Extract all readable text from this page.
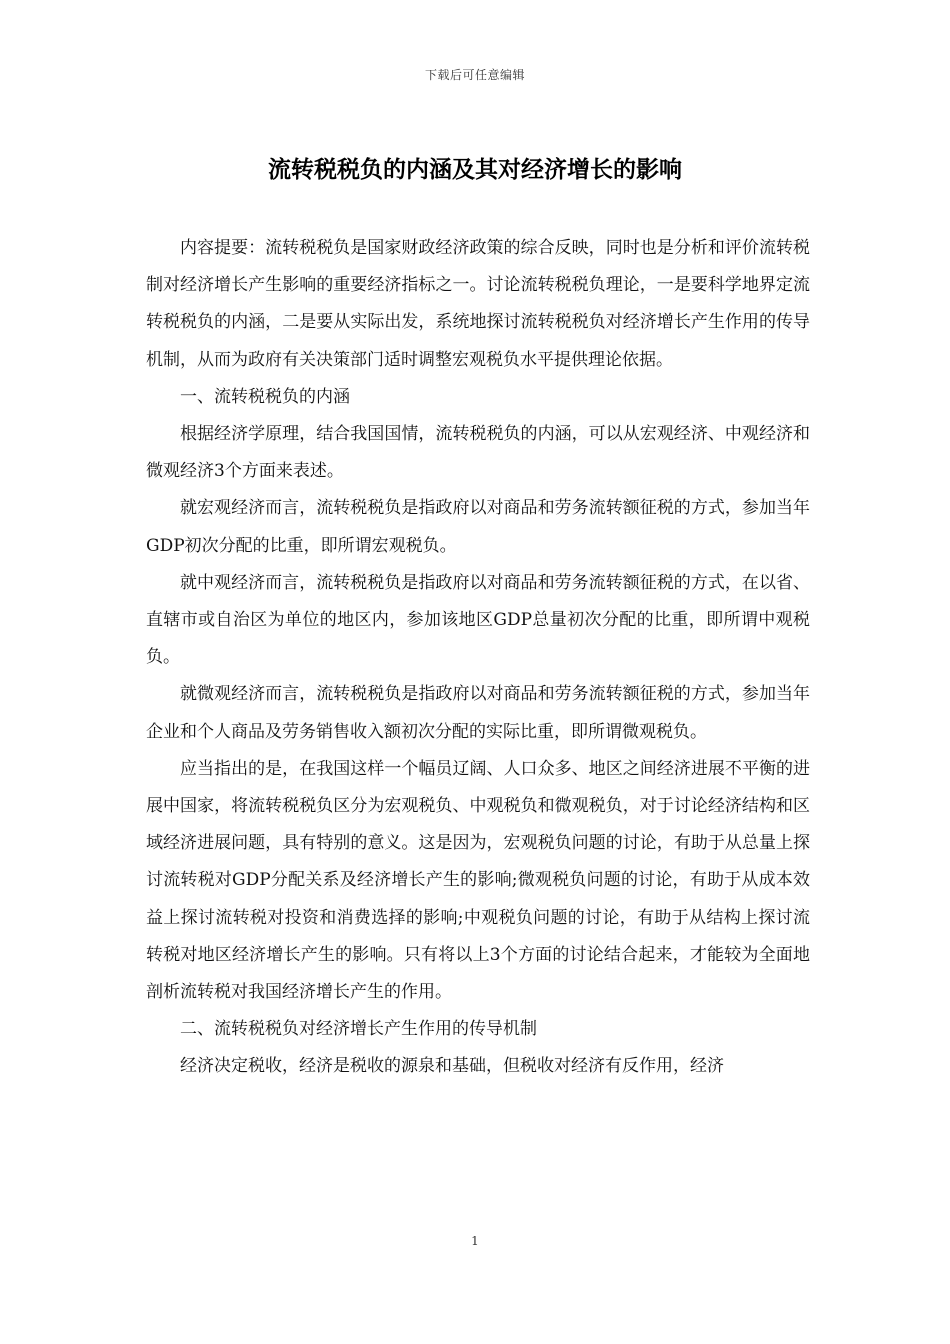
下载后可任意编辑
流转税税负的内涵及其对经济增长的影响

内容提要：流转税税负是国家财政经济政策的综合反映，同时也是分析和评价流转税制对经济增长产生影响的重要经济指标之一。讨论流转税税负理论，一是要科学地界定流转税税负的内涵，二是要从实际出发，系统地探讨流转税税负对经济增长产生作用的传导机制，从而为政府有关决策部门适时调整宏观税负水平提供理论依据。

一、流转税税负的内涵

根据经济学原理，结合我国国情，流转税税负的内涵，可以从宏观经济、中观经济和微观经济3个方面来表述。

就宏观经济而言，流转税税负是指政府以对商品和劳务流转额征税的方式，参加当年GDP初次分配的比重，即所谓宏观税负。

就中观经济而言，流转税税负是指政府以对商品和劳务流转额征税的方式，在以省、直辖市或自治区为单位的地区内，参加该地区GDP总量初次分配的比重，即所谓中观税负。

就微观经济而言，流转税税负是指政府以对商品和劳务流转额征税的方式，参加当年企业和个人商品及劳务销售收入额初次分配的实际比重，即所谓微观税负。

应当指出的是，在我国这样一个幅员辽阔、人口众多、地区之间经济进展不平衡的进展中国家，将流转税税负区分为宏观税负、中观税负和微观税负，对于讨论经济结构和区域经济进展问题，具有特别的意义。这是因为，宏观税负问题的讨论，有助于从总量上探讨流转税对GDP分配关系及经济增长产生的影响;微观税负问题的讨论，有助于从成本效益上探讨流转税对投资和消费选择的影响;中观税负问题的讨论，有助于从结构上探讨流转税对地区经济增长产生的影响。只有将以上3个方面的讨论结合起来，才能较为全面地剖析流转税对我国经济增长产生的作用。

二、流转税税负对经济增长产生作用的传导机制

经济决定税收，经济是税收的源泉和基础，但税收对经济有反作用，经济

1
